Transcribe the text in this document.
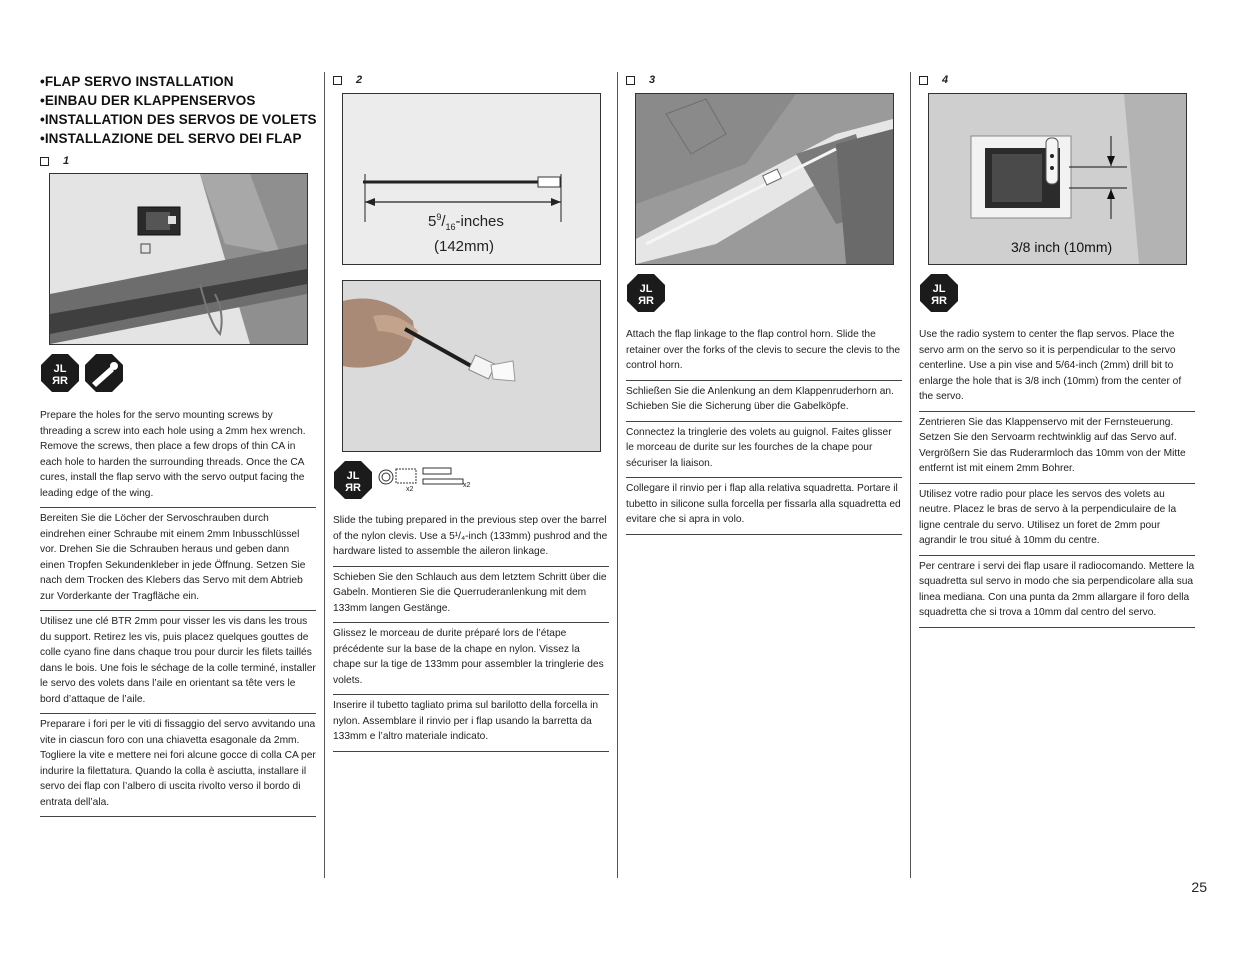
•FLAP SERVO INSTALLATION
•EINBAU DER KLAPPENSERVOS
•INSTALLATION DES SERVOS DE VOLETS
•INSTALLAZIONE DEL SERVO DEI FLAP
1
JL
ЯR
Prepare the holes for the servo mounting screws by threading a screw into each hole using a 2mm hex wrench. Remove the screws, then place a few drops of thin CA in each hole to harden the surrounding threads. Once the CA cures, install the flap servo with the servo output facing the leading edge of the wing.
Bereiten Sie die Löcher der Servoschrauben durch eindrehen einer Schraube mit einem 2mm Inbusschlüssel vor. Drehen Sie die Schrauben heraus und geben dann einen Tropfen Sekundenkleber in jede Öffnung. Setzen Sie nach dem Trocken des Klebers das Servo mit dem Abtrieb zur Vorderkante der Tragfläche ein.
Utilisez une clé BTR 2mm pour visser les vis dans les trous du support. Retirez les vis, puis placez quelques gouttes de colle cyano fine dans chaque trou pour durcir les filets taillés dans le bois. Une fois le séchage de la colle terminé, installer le servo des volets dans l’aile en orientant sa tête vers le bord d’attaque de l’aile.
Preparare i fori per le viti di fissaggio del servo avvitando una vite in ciascun foro con una chiavetta esagonale da 2mm. Togliere la vite e mettere nei fori alcune gocce di colla CA per indurire la filettatura. Quando la colla è asciutta, installare il servo dei flap con l’albero di uscita rivolto verso il bordo di entrata dell’ala.
2
$5^9/_{16}$-inches
(142mm)
JL
ЯR	x2
x2
Slide the tubing prepared in the previous step over the barrel of the nylon clevis. Use a 5¹/₄-inch (133mm) pushrod and the hardware listed to assemble the aileron linkage.
Schieben Sie den Schlauch aus dem letztem Schritt über die Gabeln. Montieren Sie die Querruderanlenkung mit dem 133mm langen Gestänge.
Glissez le morceau de durite préparé lors de l’étape précédente sur la base de la chape en nylon. Vissez la chape sur la tige de 133mm pour assembler la tringlerie des volets.
Inserire il tubetto tagliato prima sul barilotto della forcella in nylon. Assemblare il rinvio per i flap usando la barretta da 133mm e l’altro materiale indicato.
3
JL
ЯR
Attach the flap linkage to the flap control horn. Slide the retainer over the forks of the clevis to secure the clevis to the control horn.
Schließen Sie die Anlenkung an dem Klappenruderhorn an. Schieben Sie die Sicherung über die Gabelköpfe.
Connectez la tringlerie des volets au guignol. Faites glisser le morceau de durite sur les fourches de la chape pour sécuriser la liaison.
Collegare il rinvio per i flap alla relativa squadretta. Portare il tubetto in silicone sulla forcella per fissarla alla squadretta ed evitare che si apra in volo.
4
3/8 inch (10mm)
JL
ЯR
Use the radio system to center the flap servos. Place the servo arm on the servo so it is perpendicular to the servo centerline. Use a pin vise and 5/64-inch (2mm) drill bit to enlarge the hole that is 3/8 inch (10mm) from the center of the servo.
Zentrieren Sie das Klappenservo mit der Fernsteuerung. Setzen Sie den Servoarm rechtwinklig auf das Servo auf. Vergrößern Sie das Ruderarmloch das 10mm von der Mitte entfernt ist mit einem 2mm Bohrer.
Utilisez votre radio pour place les servos des volets au neutre. Placez le bras de servo à la perpendiculaire de la ligne centrale du servo. Utilisez un foret de 2mm pour agrandir le trou situé à 10mm du centre.
Per centrare i servi dei flap usare il radiocomando. Mettere la squadretta sul servo in modo che sia perpendicolare alla sua linea mediana. Con una punta da 2mm allargare il foro della squadretta che si trova a 10mm dal centro del servo.
25
